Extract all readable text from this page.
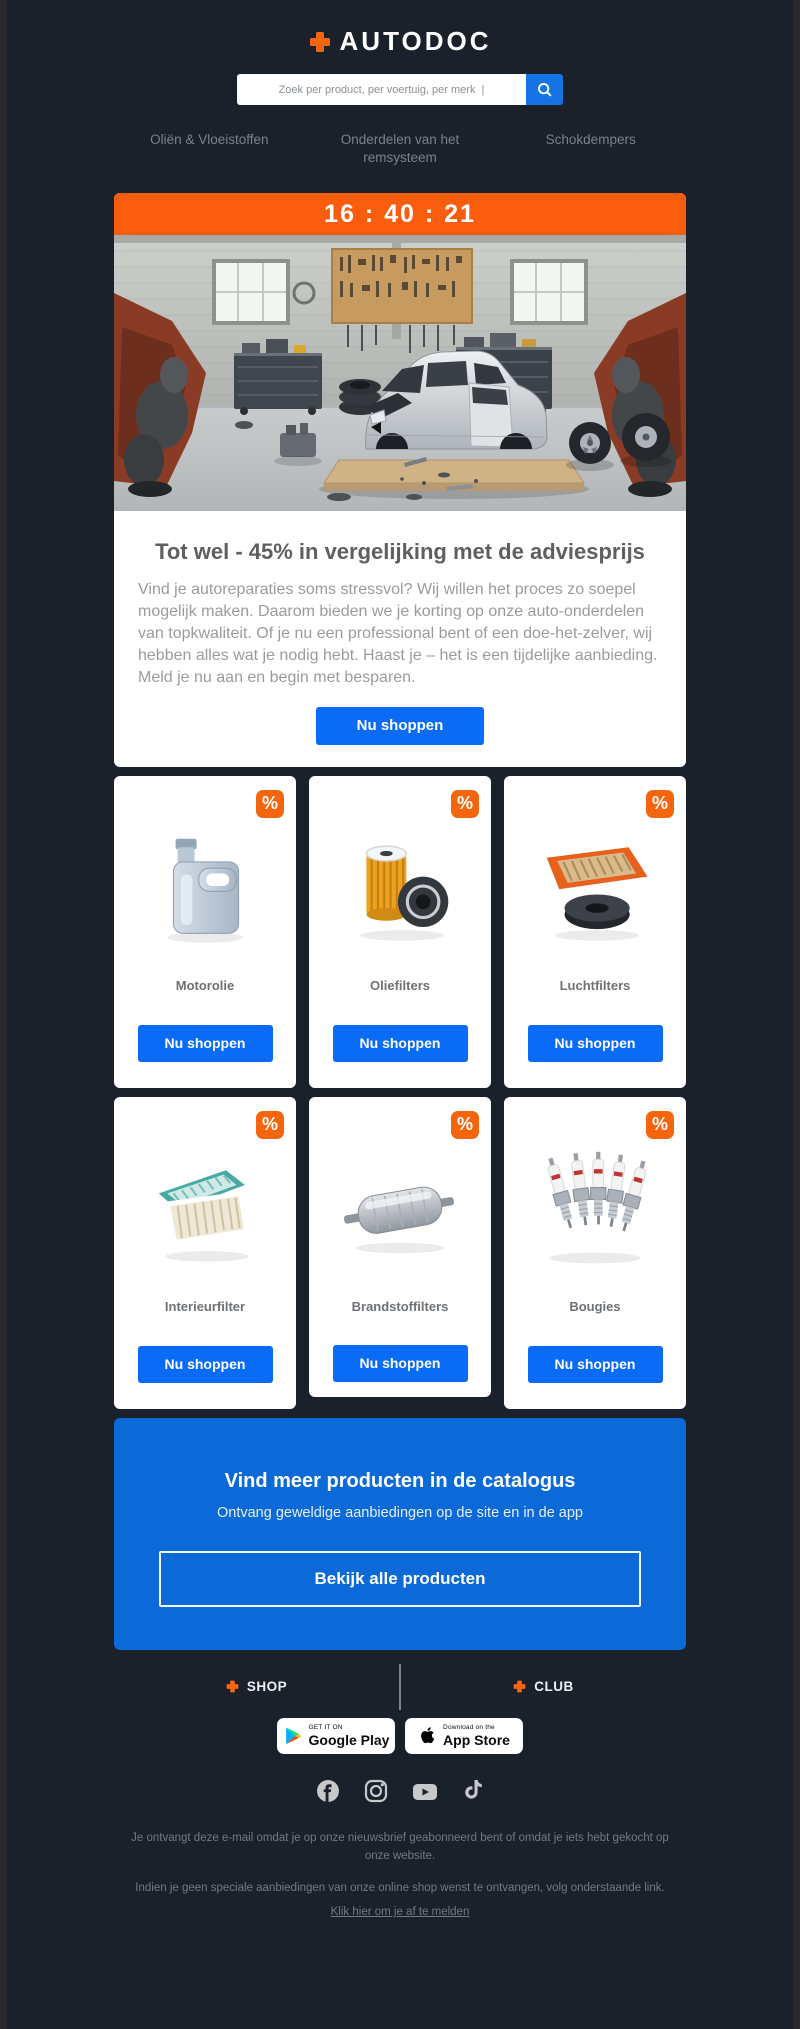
AUTODOC
Zoek per product, per voertuig, per merk |
Oliën & Vloeistoffen	Onderdelen van het remsysteem
Schokdempers
16 : 40 : 21
Tot wel - 45% in vergelijking met de adviesprijs

Vind je autoreparaties soms stressvol? Wij willen het proces zo soepel mogelijk maken. Daarom bieden we je korting op onze auto-onderdelen van topkwaliteit. Of je nu een professional bent of een doe-het-zelver, wij hebben alles wat je nodig hebt. Haast je – het is een tijdelijke aanbieding. Meld je nu aan en begin met besparen.

Nu shoppen
%
Motorolie
Nu shoppen
%
Oliefilters
Nu shoppen
%
Luchtfilters
Nu shoppen
%
Interieurfilter
Nu shoppen
%
Brandstoffilters
Nu shoppen
%
Bougies
Nu shoppen
Vind meer producten in de catalogus
Ontvang geweldige aanbiedingen op de site en in de app
Bekijk alle producten
SHOP	CLUB
GET IT ON
Google Play
Download on the
App Store
Je ontvangt deze e-mail omdat je op onze nieuwsbrief geabonneerd bent of omdat je iets hebt gekocht op onze website.
Indien je geen speciale aanbiedingen van onze online shop wenst te ontvangen, volg onderstaande link.
Klik hier om je af te melden
